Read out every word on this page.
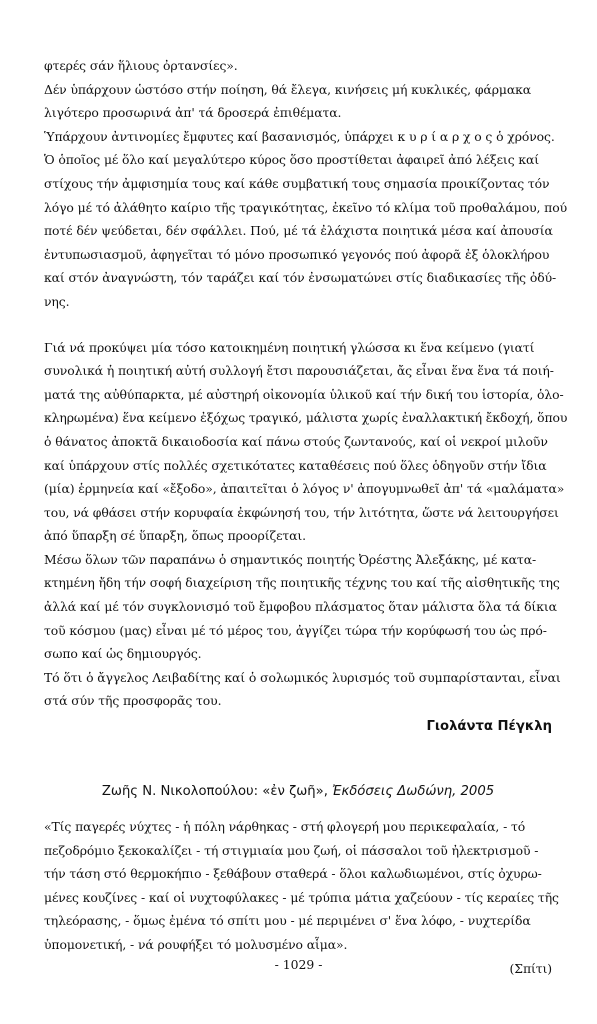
φτερές σάν ἥλιους ὀρτανσίες».
Δέν ὑπάρχουν ὡστόσο στήν ποίηση, θά ἔλεγα, κινήσεις μή κυκλικές, φάρμακα
λιγότερο προσωρινά ἀπ' τά δροσερά ἐπιθέματα.
Ὑπάρχουν ἀντινομίες ἔμφυτες καί βασανισμός, ὑπάρχει κ υ ρ ί α ρ χ ο ς ὁ χρόνος.
Ὁ ὁποῖος μέ ὅλο καί μεγαλύτερο κύρος ὅσο προστίθεται ἀφαιρεῖ ἀπό λέξεις καί
στίχους τήν ἀμφισημία τους καί κάθε συμβατική τους σημασία προικίζοντας τόν
λόγο μέ τό ἀλάθητο καίριο τῆς τραγικότητας, ἐκεῖνο τό κλίμα τοῦ προθαλάμου, πού
ποτέ δέν ψεύδεται, δέν σφάλλει. Πού, μέ τά ἐλάχιστα ποιητικά μέσα καί ἀπουσία
ἐντυπωσιασμοῦ, ἀφηγεῖται τό μόνο προσωπικό γεγονός πού ἀφορᾶ ἐξ ὁλοκλήρου
καί στόν ἀναγνώστη, τόν ταράζει καί τόν ἐνσωματώνει στίς διαδικασίες τῆς ὀδύ-
νης.
Γιά νά προκύψει μία τόσο κατοικημένη ποιητική γλώσσα κι ἕνα κείμενο (γιατί
συνολικά ἡ ποιητική αὐτή συλλογή ἔτσι παρουσιάζεται, ἄς εἶναι ἕνα ἕνα τά ποιή-
ματά της αὐθύπαρκτα, μέ αὐστηρή οἰκονομία ὑλικοῦ καί τήν δική του ἱστορία, ὁλο-
κληρωμένα) ἕνα κείμενο ἐξόχως τραγικό, μάλιστα χωρίς ἐναλλακτική ἔκδοχή, ὅπου
ὁ θάνατος ἀποκτᾶ δικαιοδοσία καί πάνω στούς ζωντανούς, καί οἱ νεκροί μιλοῦν
καί ὑπάρχουν στίς πολλές σχετικότατες καταθέσεις πού ὅλες ὁδηγοῦν στήν ἴδια
(μία) ἑρμηνεία καί «ἔξοδο», ἀπαιτεῖται ὁ λόγος ν' ἀπογυμνωθεῖ ἀπ' τά «μαλάματα»
του, νά φθάσει στήν κορυφαία ἐκφώνησή του, τήν λιτότητα, ὥστε νά λειτουργήσει
ἀπό ὕπαρξη σέ ὕπαρξη, ὅπως προορίζεται.
Μέσω ὅλων τῶν παραπάνω ὁ σημαντικός ποιητής Ὀρέστης Ἀλεξάκης, μέ κατα-
κτημένη ἤδη τήν σοφή διαχείριση τῆς ποιητικῆς τέχνης του καί τῆς αἰσθητικῆς της
ἀλλά καί μέ τόν συγκλονισμό τοῦ ἔμφοβου πλάσματος ὅταν μάλιστα ὅλα τά δίκια
τοῦ κόσμου (μας) εἶναι μέ τό μέρος του, ἀγγίζει τώρα τήν κορύφωσή του ὡς πρό-
σωπο καί ὡς δημιουργός.
Τό ὅτι ὁ ἄγγελος Λειβαδίτης καί ὁ σολωμικός λυρισμός τοῦ συμπαρίστανται, εἶναι
στά σύν τῆς προσφορᾶς του.
Γιολάντα Πέγκλη
Ζωῆς Ν. Νικολοπούλου: «ἐν ζωῆ», Ἐκδόσεις Δωδώνη, 2005
«Τίς παγερές νύχτες - ἡ πόλη νάρθηκας - στή φλογερή μου περικεφαλαία, - τό
πεζοδρόμιο ξεκοκαλίζει - τή στιγμιαία μου ζωή, οἱ πάσσαλοι τοῦ ἠλεκτρισμοῦ -
τήν τάση στό θερμοκήπιο - ξεθάβουν σταθερά - ὅλοι καλωδιωμένοι, στίς ὀχυρω-
μένες κουζίνες - καί οἱ νυχτοφύλακες - μέ τρύπια μάτια χαζεύουν - τίς κεραίες τῆς
τηλεόρασης, - ὅμως ἐμένα τό σπίτι μου - μέ περιμένει σ' ἕνα λόφο, - νυχτερίδα
ὑπομονετική, - νά ρουφήξει τό μολυσμένο αἷμα».
(Σπίτι)
- 1029 -
